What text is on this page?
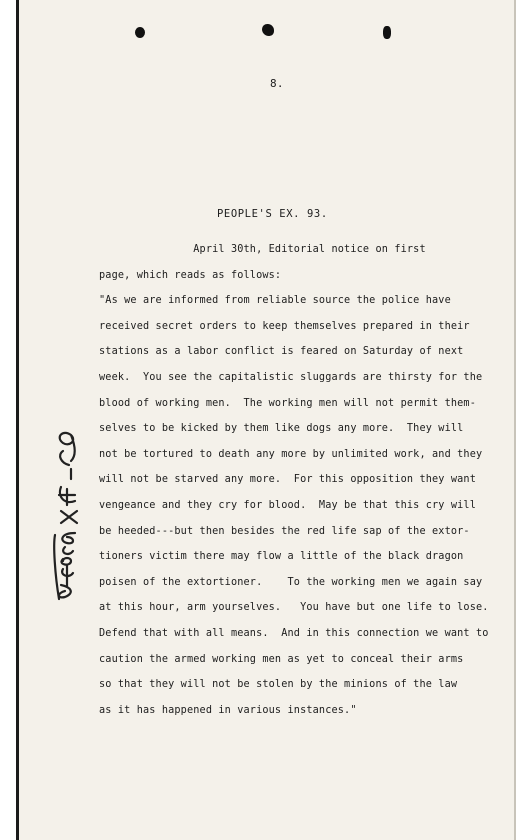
8.
PEOPLE'S EX. 93.
April 30th, Editorial notice on first
page, which reads as follows:
"As we are informed from reliable source the police have
received secret orders to keep themselves prepared in their
stations as a labor conflict is feared on Saturday of next
week.  You see the capitalistic sluggards are thirsty for the
blood of working men.  The working men will not permit them-
selves to be kicked by them like dogs any more.  They will
not be tortured to death any more by unlimited work, and they
will not be starved any more.  For this opposition they want
vengeance and they cry for blood.  May be that this cry will
be heeded---but then besides the red life sap of the extor-
tioners victim there may flow a little of the black dragon
poisen of the extortioner.    To the working men we again say
at this hour, arm yourselves.   You have but one life to lose.
Defend that with all means.  And in this connection we want to
caution the armed working men as yet to conceal their arms
so that they will not be stolen by the minions of the law
as it has happened in various instances."
